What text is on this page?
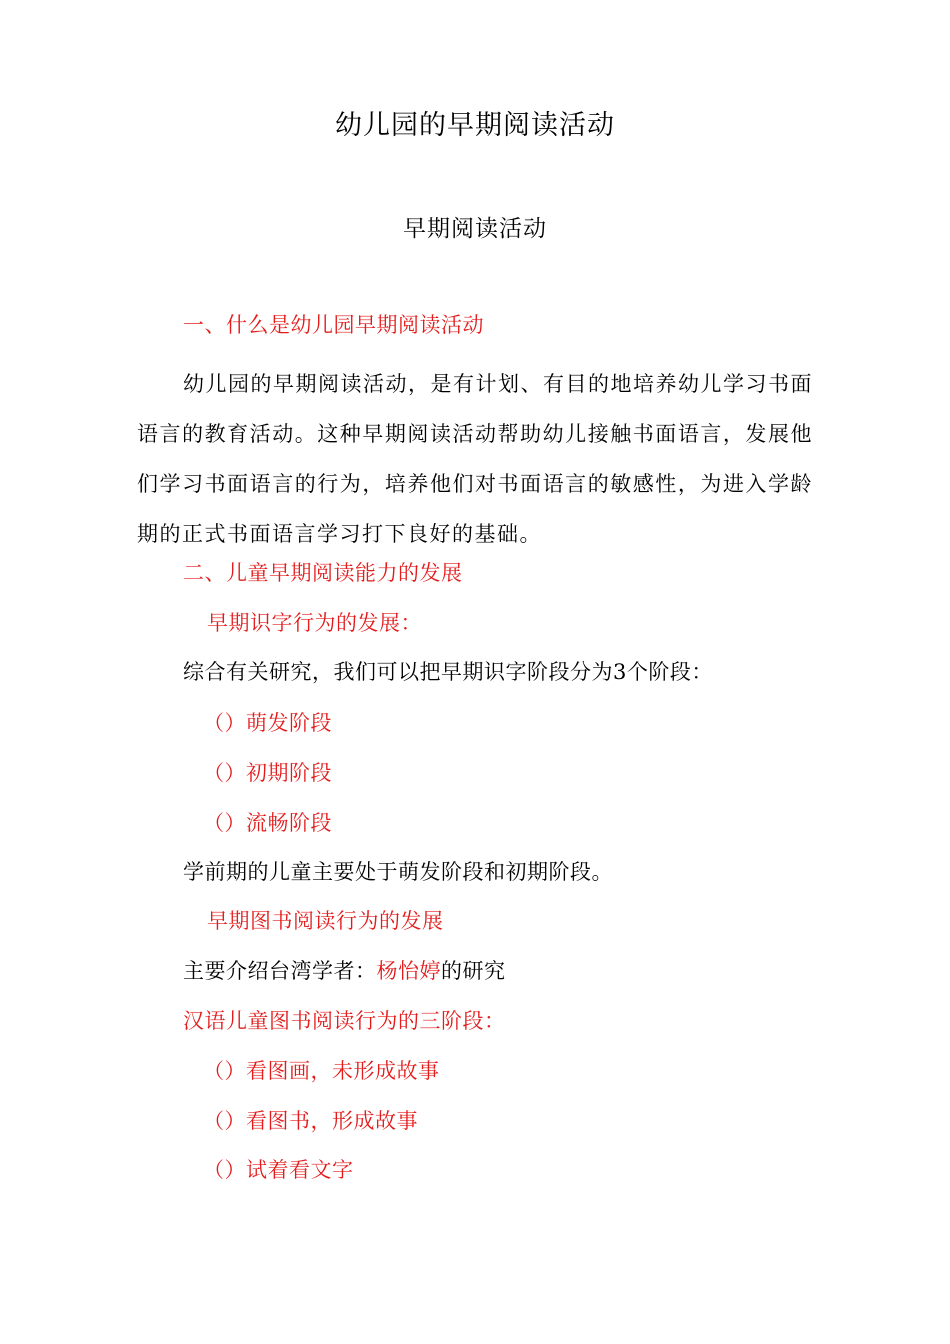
幼儿园的早期阅读活动
早期阅读活动
一、什么是幼儿园早期阅读活动
幼儿园的早期阅读活动，是有计划、有目的地培养幼儿学习书面语言的教育活动。这种早期阅读活动帮助幼儿接触书面语言，发展他们学习书面语言的行为，培养他们对书面语言的敏感性，为进入学龄期的正式书面语言学习打下良好的基础。
二、儿童早期阅读能力的发展
早期识字行为的发展：
综合有关研究，我们可以把早期识字阶段分为3个阶段：
（）萌发阶段
（）初期阶段
（）流畅阶段
学前期的儿童主要处于萌发阶段和初期阶段。
早期图书阅读行为的发展
主要介绍台湾学者：杨怡婷的研究
汉语儿童图书阅读行为的三阶段：
（）看图画，未形成故事
（）看图书，形成故事
（）试着看文字
